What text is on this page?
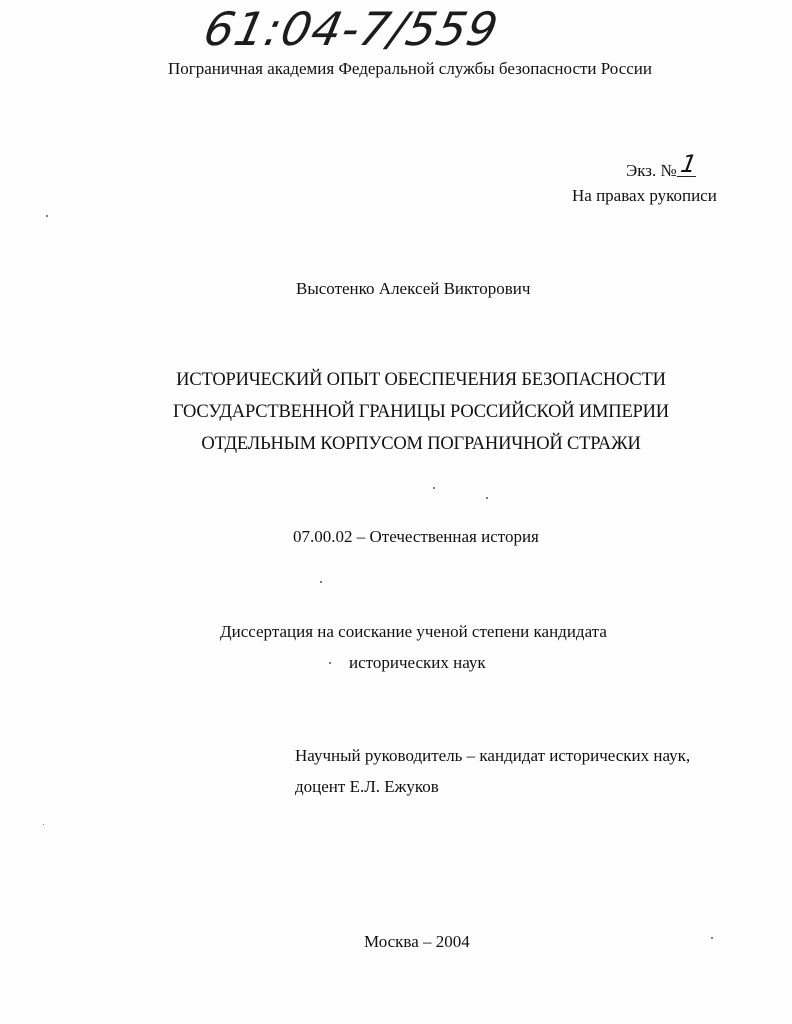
61:04-7/559
Пограничная академия Федеральной службы безопасности России
Экз. №1
На правах рукописи
Высотенко Алексей Викторович
ИСТОРИЧЕСКИЙ ОПЫТ ОБЕСПЕЧЕНИЯ БЕЗОПАСНОСТИ
ГОСУДАРСТВЕННОЙ ГРАНИЦЫ РОССИЙСКОЙ ИМПЕРИИ
ОТДЕЛЬНЫМ КОРПУСОМ ПОГРАНИЧНОЙ СТРАЖИ
07.00.02 – Отечественная история
Диссертация на соискание ученой степени кандидата
исторических наук
Научный руководитель – кандидат исторических наук,
доцент Е.Л. Ежуков
Москва – 2004
